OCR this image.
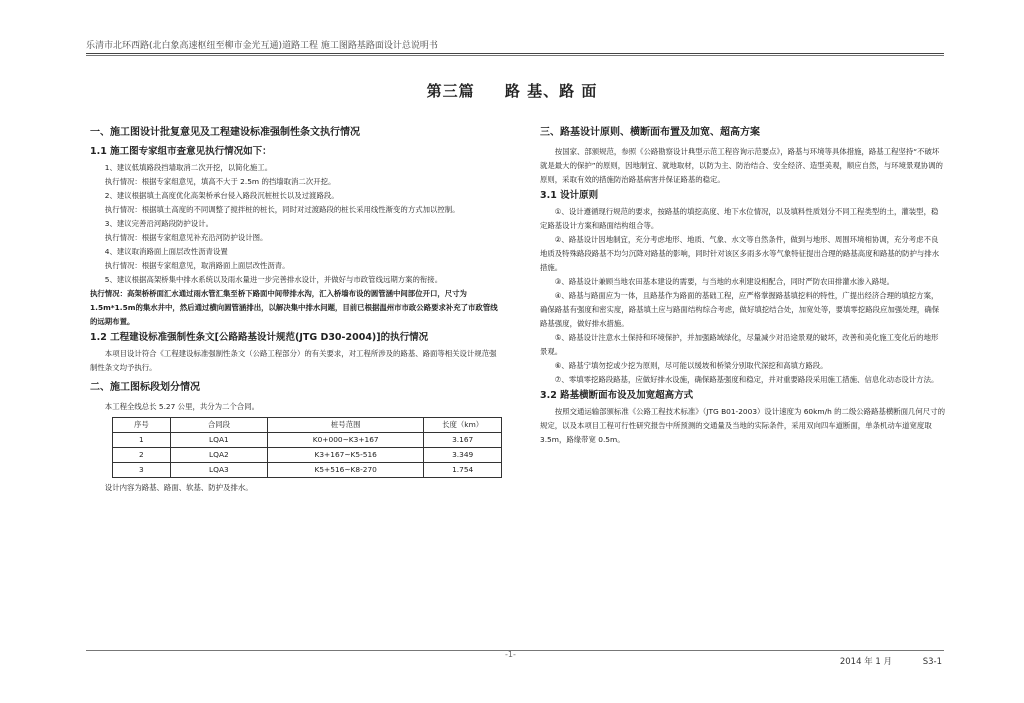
乐清市北环西路(北白象高速枢纽至柳市金光互通)道路工程 施工图路基路面设计总说明书
第三篇 路 基、路 面
一、施工图设计批复意见及工程建设标准强制性条文执行情况
1.1 施工图专家组市查意见执行情况如下：

1、建议低填路段挡墙取消二次开挖，以简化施工。

执行情况：根据专家组意见，填高不大于 2.5m 的挡墙取消二次开挖。

2、建议根据填土高度优化高架桥承台侵入路段沉桩桩长以及过渡路段。

执行情况：根据填土高度的不同调整了搅拌桩的桩长，同时对过渡路段的桩长采用线性渐变的方式加以控制。

3、建议完善沿河路段防护设计。

执行情况：根据专家组意见补充沿河防护设计图。

4、建议取消路面上面层改性沥青设置

执行情况：根据专家组意见，取消路面上面层改性沥青。

5、建议根据高架桥集中排水系统以及雨水量进一步完善排水设计，并做好与市政管线远期方案的衔接。

执行情况：高架桥桥面汇水通过雨水管汇集至桥下路面中间带排水沟，汇入桥墙布设的圆管涵中间部位开口，尺寸为1.5m*1.5m的集水井中，然后通过横向圆管涵排出，以解决集中排水问题，目前已根据温州市市政公路要求补充了市政管线的远期布置。

1.2 工程建设标准强制性条文[公路路基设计规范(JTG D30-2004)]的执行情况

本项目设计符合《工程建设标准强制性条文（公路工程部分）的有关要求，对工程所涉及的路基、路面等相关设计规范强制性条文均予执行。

二、施工图标段划分情况

本工程全线总长 5.27 公里，共分为二个合同。

序号	合同段	桩号范围	长度（km）
1	LQA1	K0+000~K3+167	3.167
2	LQA2	K3+167~K5-516	3.349
3	LQA3	K5+516~K8-270	1.754

设计内容为路基、路面、软基、防护及排水。

三、路基设计原则、横断面布置及加宽、超高方案

按国家、部颁规范，参照《公路勘察设计典型示范工程咨询示范要点》，路基与环境等具体措施，路基工程坚持“不破坏就是最大的保护”的原则，因地制宜、就地取材，以防为主、防治结合、安全经济、造型美观，顺应自然，与环境景观协调的原则，采取有效的措施防治路基病害并保证路基的稳定。

3.1 设计原则

①、设计遵循现行规范的要求，按路基的填挖高度、地下水位情况，以及填料性质划分不同工程类型的土，灌装型，稳定路基设计方案和路面结构组合等。

②、路基设计因地制宜，充分考虑地形、地质、气象、水文等自然条件，做到与地形、周围环境相协调，充分考虑不良地质及特殊路段路基不均匀沉降对路基的影响，同时针对该区多雨多水等气象特征提出合理的路基高度和路基的防护与排水措施。

③、路基设计兼顾当地农田基本建设的需要，与当地的水利建设相配合，同时严防农田排灌水渗入路堤。

④、路基与路面应为一体，且路基作为路面的基础工程，应严格掌握路基填挖料的特性，广提出经济合理的填挖方案，确保路基有强度和密实度，路基填土应与路面结构综合考虑，做好填挖结合处，加宽处等，要填零挖路段应加强处理，确保路基强度，做好排水措施。

⑤、路基设计注意水土保持和环境保护，并加强路域绿化，尽量减少对沿途景观的破坏，改善和美化施工变化后的地形景观。

⑥、路基宁填勿挖或少挖为原则，尽可能以缓坡和桥梁分别取代深挖和高填方路段。

⑦、零填零挖路段路基，应做好排水设施，确保路基强度和稳定，并对重要路段采用施工措施、信息化动态设计方法。

3.2 路基横断面布设及加宽超高方式

按照交通运输部颁标准《公路工程技术标准》（JTG B01-2003）设计速度为 60km/h 的二级公路路基横断面几何尺寸的规定，以及本项目工程可行性研究报告中所预测的交通量及当地的实际条件，采用双向四车道断面，单条机动车道宽度取 3.5m，路缘带宽 0.5m。

-1-
2014 年 1 月	S3-1
